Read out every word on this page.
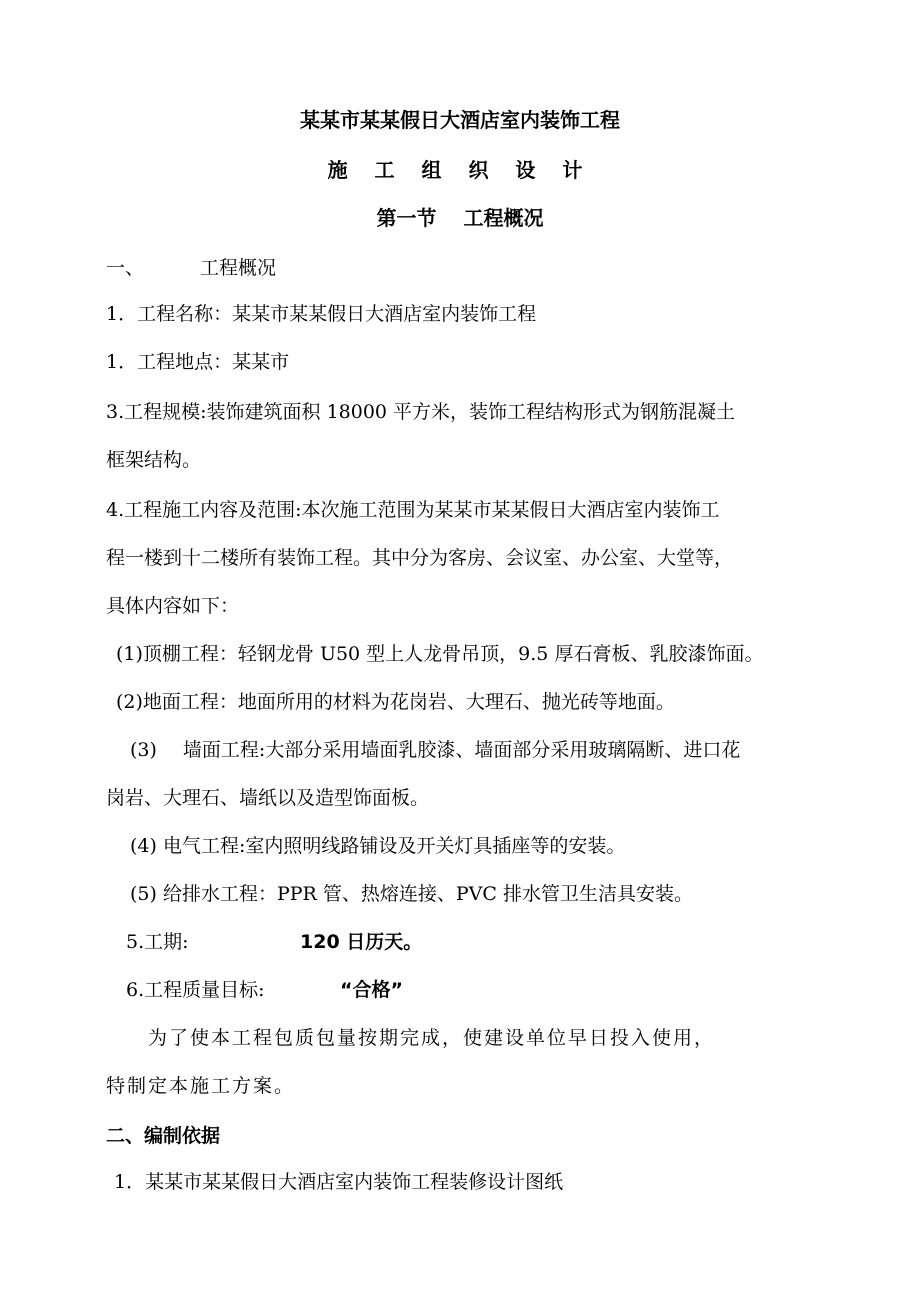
某某市某某假日大酒店室内装饰工程
施 工 组 织 设 计
第一节　 工程概况
一、	工程概况
1．工程名称：某某市某某假日大酒店室内装饰工程
1．工程地点：某某市
3.工程规模:装饰建筑面积 18000 平方米，装饰工程结构形式为钢筋混凝土
框架结构。
4.工程施工内容及范围:本次施工范围为某某市某某假日大酒店室内装饰工
程一楼到十二楼所有装饰工程。其中分为客房、会议室、办公室、大堂等，
具体内容如下：
(1)顶棚工程：轻钢龙骨 U50 型上人龙骨吊顶，9.5 厚石膏板、乳胶漆饰面。
(2)地面工程：地面所用的材料为花岗岩、大理石、抛光砖等地面。
(3) 墙面工程:大部分采用墙面乳胶漆、墙面部分采用玻璃隔断、进口花
岗岩、大理石、墙纸以及造型饰面板。
(4) 电气工程:室内照明线路铺设及开关灯具插座等的安装。
(5) 给排水工程：PPR 管、热熔连接、PVC 排水管卫生洁具安装。
5.工期:	120 日历天。
6.工程质量目标:	“合格”
为了使本工程包质包量按期完成，使建设单位早日投入使用，
特制定本施工方案。
二、编制依据
1．某某市某某假日大酒店室内装饰工程装修设计图纸
